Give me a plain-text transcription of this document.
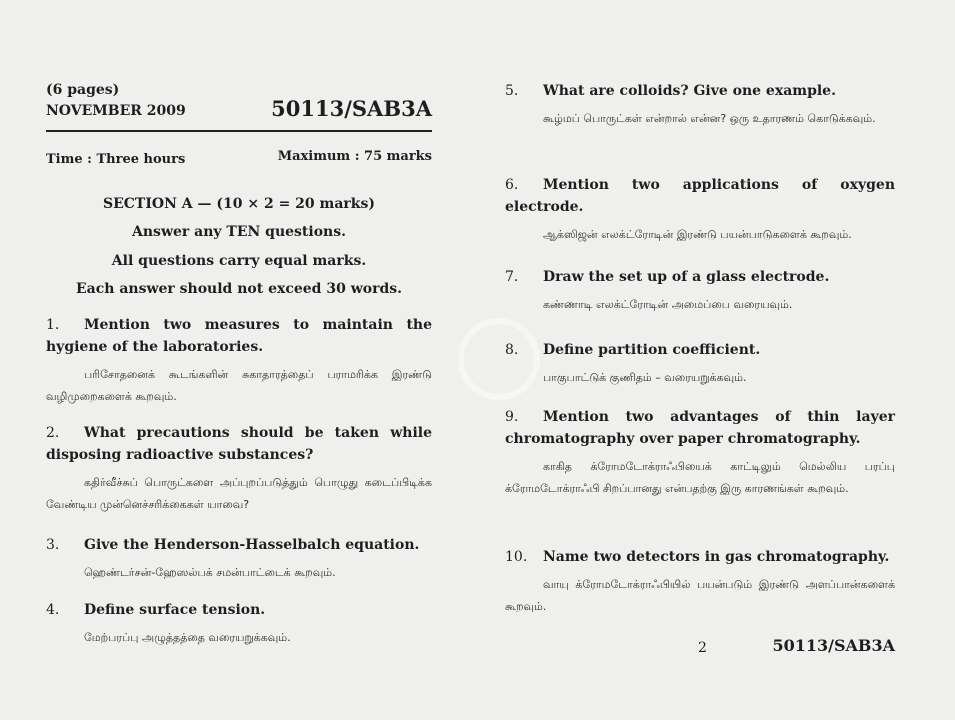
(6 pages)
NOVEMBER 2009	50113/SAB3A
Time : Three hours	Maximum : 75 marks
SECTION A — (10 × 2 = 20 marks)
Answer any TEN questions.
All questions carry equal marks.
Each answer should not exceed 30 words.
1. Mention two measures to maintain the hygiene of the laboratories.
பரிசோதனைக் கூடங்களின் சுகாதாரத்தைப் பராமரிக்க இரண்டு வழிமுறைகளைக் கூறவும்.
2. What precautions should be taken while disposing radioactive substances?
கதிர்வீச்சுப் பொருட்களை அப்புறப்படுத்தும் பொழுது கடைப்பிடிக்க வேண்டிய முன்னெச்சரிக்கைகள் யாவை?
3. Give the Henderson-Hasselbalch equation.
ஹெண்டர்சன்-ஹேஸல்பக் சமன்பாட்டைக் கூறவும்.
4. Define surface tension.
மேற்பரப்பு அழுத்தத்தை வரையறுக்கவும்.
5. What are colloids? Give one example.
கூழ்மப் பொருட்கள் என்றால் என்ன? ஒரு உதாரணம் கொடுக்கவும்.
6. Mention two applications of oxygen electrode.
ஆக்ஸிஜன் எலக்ட்ரோடின் இரண்டு பயன்பாடுகளைக் கூறவும்.
7. Draw the set up of a glass electrode.
கண்ணாடி எலக்ட்ரோடின் அமைப்பை வரையவும்.
8. Define partition coefficient.
பாகுபாட்டுக் குணிதம் – வரையறுக்கவும்.
9. Mention two advantages of thin layer chromatography over paper chromatography.
காகித க்ரோமடோக்ராஃபியைக் காட்டிலும் மெல்லிய பரப்பு க்ரோமடோக்ராஃபி சிறப்பானது என்பதற்கு இரு காரணங்கள் கூறவும்.
10. Name two detectors in gas chromatography.
வாயு க்ரோமடோக்ராஃபியில் பயன்படும் இரண்டு அளப்பான்களைக் கூறவும்.
2	50113/SAB3A
